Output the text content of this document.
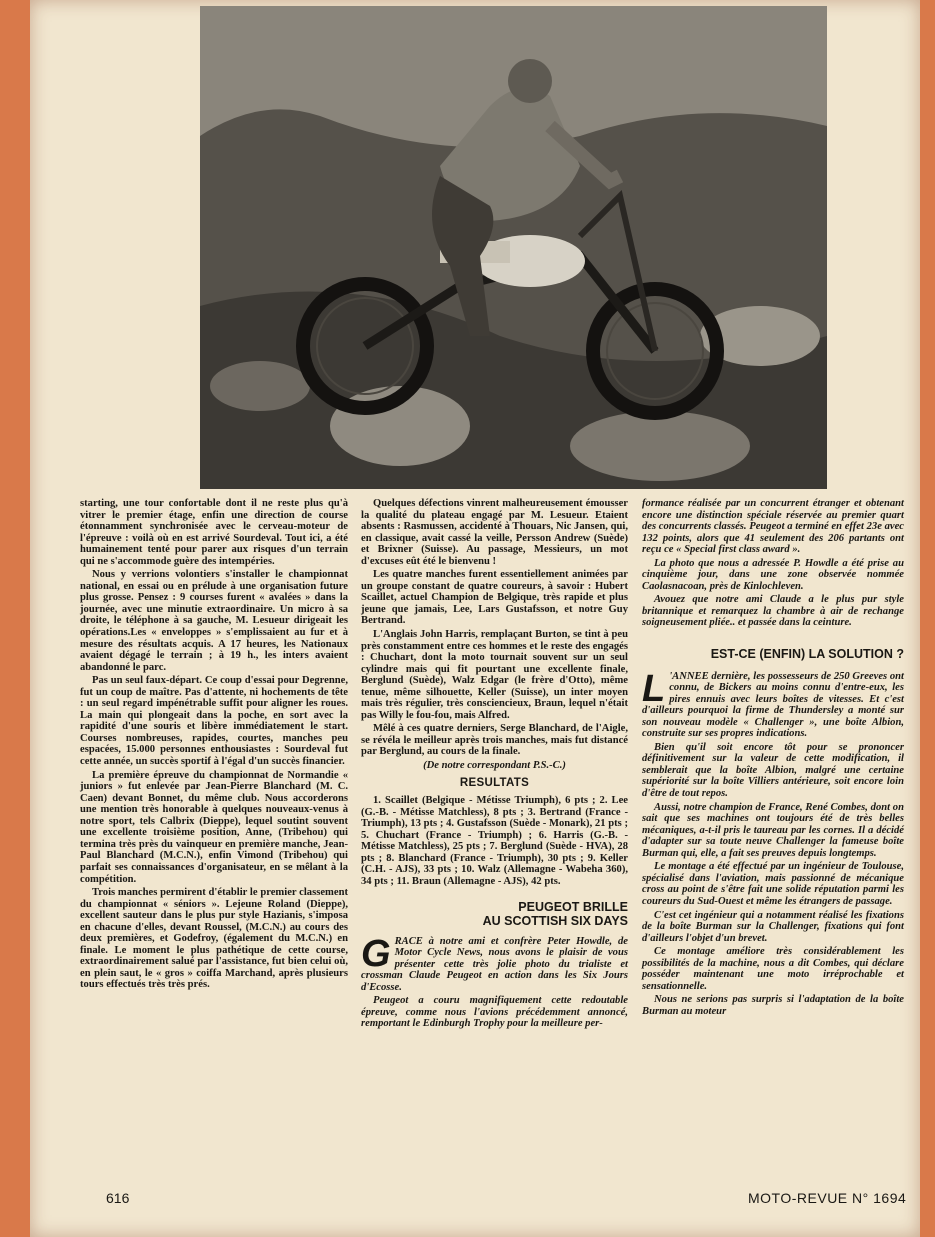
starting, une tour confortable dont il ne reste plus qu'à vitrer le premier étage, enfin une direction de course étonnamment synchronisée avec le cerveau-moteur de l'épreuve : voilà où en est arrivé Sourdeval. Tout ici, a été humainement tenté pour parer aux risques d'un terrain qui ne s'accommode guère des intempéries.

Nous y verrions volontiers s'installer le championnat national, en essai ou en prélude à une organisation future plus grosse. Pensez : 9 courses furent « avalées » dans la journée, avec une minutie extraordinaire. Un micro à sa droite, le téléphone à sa gauche, M. Lesueur dirigeait les opérations.Les « enveloppes » s'emplissaient au fur et à mesure des résultats acquis. A 17 heures, les Nationaux avaient dégagé le terrain ; à 19 h., les inters avaient abandonné le parc.

Pas un seul faux-départ. Ce coup d'essai pour Degrenne, fut un coup de maître. Pas d'attente, ni hochements de tête : un seul regard impénétrable suffit pour aligner les roues. La main qui plongeait dans la poche, en sort avec la rapidité d'une souris et libère immédiatement le start. Courses nombreuses, rapides, courtes, manches peu espacées, 15.000 personnes enthousiastes : Sourdeval fut cette année, un succès sportif à l'égal d'un succès financier.

La première épreuve du championnat de Normandie « juniors » fut enlevée par Jean-Pierre Blanchard (M. C. Caen) devant Bonnet, du même club. Nous accorderons une mention très honorable à quelques nouveaux-venus à notre sport, tels Calbrix (Dieppe), lequel soutint souvent une excellente troisième position, Anne, (Tribehou) qui termina très près du vainqueur en première manche, Jean-Paul Blanchard (M.C.N.), enfin Vimond (Tribehou) qui parfait ses connaissances d'organisateur, en se mêlant à la compétition.

Trois manches permirent d'établir le premier classement du championnat « séniors ». Lejeune Roland (Dieppe), excellent sauteur dans le plus pur style Hazianis, s'imposa en chacune d'elles, devant Roussel, (M.C.N.) au cours des deux premières, et Godefroy, (également du M.C.N.) en finale. Le moment le plus pathétique de cette course, extraordinairement salué par l'assistance, fut bien celui où, en plein saut, le « gros » coiffa Marchand, après plusieurs tours effectués très très prés.

Quelques défections vinrent malheureusement émousser la qualité du plateau engagé par M. Lesueur. Etaient absents : Rasmussen, accidenté à Thouars, Nic Jansen, qui, en classique, avait cassé la veille, Persson Andrew (Suède) et Brixner (Suisse). Au passage, Messieurs, un mot d'excuses eût été le bienvenu !

Les quatre manches furent essentiellement animées par un groupe constant de quatre coureurs, à savoir : Hubert Scaillet, actuel Champion de Belgique, très rapide et plus jeune que jamais, Lee, Lars Gustafsson, et notre Guy Bertrand.

L'Anglais John Harris, remplaçant Burton, se tint à peu près constamment entre ces hommes et le reste des engagés : Chuchart, dont la moto tournait souvent sur un seul cylindre mais qui fit pourtant une excellente finale, Berglund (Suède), Walz Edgar (le frère d'Otto), même tenue, même silhouette, Keller (Suisse), un inter moyen mais très régulier, très consciencieux, Braun, lequel n'était pas Willy le fou-fou, mais Alfred.

Mêlé à ces quatre derniers, Serge Blanchard, de l'Aigle, se révéla le meilleur après trois manches, mais fut distancé par Berglund, au cours de la finale.

(De notre correspondant P.S.-C.)

RESULTATS

1. Scaillet (Belgique - Métisse Triumph), 6 pts ; 2. Lee (G.-B. - Métisse Matchless), 8 pts ; 3. Bertrand (France - Triumph), 13 pts ; 4. Gustafsson (Suède - Monark), 21 pts ; 5. Chuchart (France - Triumph) ; 6. Harris (G.-B. - Métisse Matchless), 25 pts ; 7. Berglund (Suède - HVA), 28 pts ; 8. Blanchard (France - Triumph), 30 pts ; 9. Keller (C.H. - AJS), 33 pts ; 10. Walz (Allemagne - Wabeha 360), 34 pts ; 11. Braun (Allemagne - AJS), 42 pts.

PEUGEOT BRILLE
AU SCOTTISH SIX DAYS

GRACE à notre ami et confrère Peter Howdle, de Motor Cycle News, nous avons le plaisir de vous présenter cette très jolie photo du trialiste et crossman Claude Peugeot en action dans les Six Jours d'Ecosse.

Peugeot a couru magnifiquement cette redoutable épreuve, comme nous l'avions précédemment annoncé, remportant le Edinburgh Trophy pour la meilleure per-

formance réalisée par un concurrent étranger et obtenant encore une distinction spéciale réservée au premier quart des concurrents classés. Peugeot a terminé en effet 23e avec 132 points, alors que 41 seulement des 206 partants ont reçu ce « Special first class award ».

La photo que nous a adressée P. Howdle a été prise au cinquième jour, dans une zone observée nommée Caolasnacoan, près de Kinlochleven.

Avouez que notre ami Claude a le plus pur style britannique et remarquez la chambre à air de rechange soigneusement pliée.. et passée dans la ceinture.

EST-CE (ENFIN) LA SOLUTION ?

L 'ANNEE dernière, les possesseurs de 250 Greeves ont connu, de Bickers au moins connu d'entre-eux, les pires ennuis avec leurs boîtes de vitesses. Et c'est d'ailleurs pourquoi la firme de Thundersley a monté sur son nouveau modèle « Challenger », une boîte Albion, construite sur ses propres indications.

Bien qu'il soit encore tôt pour se prononcer définitivement sur la valeur de cette modification, il semblerait que la boîte Albion, malgré une certaine supériorité sur la boîte Villiers antérieure, soit encore loin d'être de tout repos.

Aussi, notre champion de France, René Combes, dont on sait que ses machines ont toujours été de très belles mécaniques, a-t-il pris le taureau par les cornes. Il a décidé d'adapter sur sa toute neuve Challenger la fameuse boîte Burman qui, elle, a fait ses preuves depuis longtemps.

Le montage a été effectué par un ingénieur de Toulouse, spécialisé dans l'aviation, mais passionné de mécanique cross au point de s'être fait une solide réputation parmi les coureurs du Sud-Ouest et même les étrangers de passage.

C'est cet ingénieur qui a notamment réalisé les fixations de la boîte Burman sur la Challenger, fixations qui font d'ailleurs l'objet d'un brevet.

Ce montage améliore très considérablement les possibilités de la machine, nous a dit Combes, qui déclare posséder maintenant une moto irréprochable et sensationnelle.

Nous ne serions pas surpris si l'adaptation de la boîte Burman au moteur

616	MOTO-REVUE N° 1694
